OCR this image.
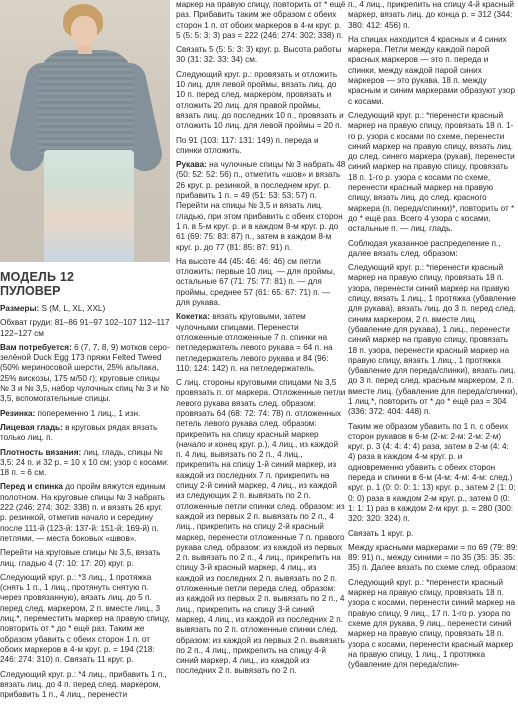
МОДЕЛЬ 12
ПУЛОВЕР

Размеры: S (M, L, XL, XXL)

Обхват груди: 81–86 91–97 102–107 112–117 122–127 см

Вам потребуется: 6 (7, 7, 8, 9) мотков серо-зелёной Duck Egg 173 пряжи Felted Tweed (50% мериносовой шерсти, 25% альпака, 25% вискозы, 175 м/50 г); круговые спицы № 3 и № 3,5, набор чулочных спиц № 3 и № 3,5, вспомогательные спицы.

Резинка: попеременно 1 лиц., 1 изн.

Лицевая гладь: в круговых рядах вязать только лиц. п.

Плотность вязания: лиц. гладь, спицы № 3,5: 24 п. и 32 р. = 10 х 10 см; узор с косами: 18 п. = 6 см.

Перед и спинка до пройм вяжутся единым полотном. На круговые спицы № 3 набрать 222 (246: 274: 302: 338) п. и вязать 26 круг. р. резинкой, отметив начало и середину после 111-й (123-й: 137-й: 151-й: 169-й) п. петлями, — места боковых «швов».

Перейти на круговые спицы № 3,5, вязать лиц. гладью 4 (7: 10: 17: 20) круг. р.

Следующий круг. р.: *3 лиц., 1 протяжка (снять 1 п., 1 лиц., протянуть снятую п. через провязанную), вязать лиц. до 5 п. перед след. маркером, 2 п. вместе лиц., 3 лиц.*, переместить маркер на правую спицу, повторить от * до * ещё раз. Таким же образом убавить с обеих сторон 1 п. от обоих маркеров в 4-м круг. р. = 194 (218: 246: 274: 310) п. Связать 11 круг. р.

Следующий круг. р.: *4 лиц., прибавить 1 п., вязать лиц. до 4 п. перед след. маркером, прибавить 1 п., 4 лиц., перенести

маркер на правую спицу, повторить от * ещё раз. Прибавить таким же образом с обеих сторон 1 п. от обоих маркеров в 4-м круг. р. 5 (5: 5: 3: 3) раз = 222 (246: 274: 302: 338) п.

Связать 5 (5: 5: 3: 3) круг. р. Высота работы 30 (31: 32: 33: 34) см.

Следующий круг. р.: провязать и отложить 10 лиц. для левой проймы, вязать лиц. до 10 п. перед след. маркером, провязать и отложить 20 лиц. для правой проймы, вязать лиц. до последних 10 п., провязать и отложить 10 лиц. для левой проймы = 20 п.

По 91 (103: 117: 131: 149) п. переда и спинки отложить.

Рукава: на чулочные спицы № 3 набрать 48 (50: 52: 52: 56) п., отметить «шов» и вязать 26 круг. р. резинкой, в последнем круг. р. прибавить 1 п. = 49 (51: 53: 53: 57) п. Перейти на спицы № 3,5 и вязать лиц. гладью, при этом прибавить с обеих сторон 1 п. в 5-м круг. р. и в каждом 8-м круг. р. до 61 (69: 75: 83: 87) п., затем в каждом 8-м круг. р. до 77 (81: 85: 87: 91) п.

На высоте 44 (45: 46: 46: 46) см петли отложить: первые 10 лиц. — для проймы, остальные 67 (71: 75: 77: 81) п. — для проймы, среднее 57 (61: 65: 67: 71) п. — для рукава.

Кокетка: вязать круговыми, затем чулочными спицами. Перенести отложенные отложенные 7 п. спинки на петледержатель левого рукава = 64 п. на петледержатель левого рукава и 84 (96: 110: 124: 142) п. на петледержатель.

С лиц. стороны круговыми спицами № 3,5 провязать п. от маркера. Отложенные петли левого рукава вязать след. образом: провязать 64 (68: 72: 74: 78) п. отложенных петель левого рукава след. образом: прикрепить на спицу красный маркер (начало и конец круг. р.), 4 лиц., из каждой п. 4 лиц. вывязать по 2 п., 4 лиц., прикрепить на спицу 1-й синий маркер, из каждой из последних 7 п. прикрепить на спицу 2-й синий маркер, 4 лиц., из каждой из следующих 2 п. вывязать по 2 п. отложенные петли спинки след. образом: из каждой из первых 2 п. вывязать по 2 п., 4 лиц., прикрепить на спицу 2-й красный маркер, перенести отложенные 7 п. правого рукава след. образом: из каждой из первых 2 п. вывязать по 2 п., 4 лиц., прикрепить на спицу 3-й красный маркер, 4 лиц., из каждой из последних 2 п. вывязать по 2 п. отложенные петли переда след. образом: из каждой из первых 2 п. вывязать по 2 п., 4 лиц., прикрепить на спицу 3-й синий маркер, 4 лиц., из каждой из последних 2 п. вывязать по 2 п. отложенные спинки след. образом: из каждой из первых 2 п. вывязать по 2 п., 4 лиц., прикрепить на спицу 4-й синий маркер, 4 лиц., из каждой из последних 2 п. вывязать по 2 п.

п., 4 лиц., прикрепить на спицу 4-й красный маркер, вязать лиц. до конца р. = 312 (344: 380: 412: 456) п.

На спицах находится 4 красных и 4 синих маркера. Петли между каждой парой красных маркеров — это п. переда и спинки, между каждой парой синих маркеров — это рукава. 18 п. между красным и синим маркерами образуют узор с косами.

Следующий круг. р.: *перенести красный маркер на правую спицу, провязать 18 п. 1-го р. узора с косами по схеме, перенести синий маркер на правую спицу, вязать лиц. до след. синего маркера (рукав), перенести синий маркер на правую спицу, провязать 18 п. 1-го р. узора с косами по схеме, перенести красный маркер на правую спицу, вязать лиц. до след. красного маркера (п. переда/спинки)*, повторить от * до * ещё раз. Всего 4 узора с косами, остальные п. — лиц. гладь.

Соблюдая указанное распределение п., далее вязать след. образом:

Следующий круг. р.: *перенести красный маркер на правую спицу, провязать 18 п. узора, перенести синий маркер на правую спицу, вязать 1 лиц., 1 протяжка (убавление для рукава), вязать лиц. до 3 п. перед след. синим маркером, 2 п. вместе лиц. (убавление для рукава), 1 лиц., перенести синий маркер на правую спицу, провязать 18 п. узора, перенести красный маркер на правую спицу, вязать 1 лиц., 1 протяжка (убавление для переда/спинки), вязать лиц. до 3 п. перед след. красным маркером, 2 п. вместе лиц. (убавление для переда/спинки), 1 лиц.*, повторить от * до * ещё раз = 304 (336: 372: 404: 448) п.

Таким же образом убавить по 1 п. с обеих сторон рукавов в 6-м (2-м: 2-м: 2-м: 2-м) круг. р. 3 (4: 4: 4: 4) раза, затем в 2-м (4: 4: 4) раза в каждом 4-м круг. р. и одновременно убавить с обеих сторон переда и спинки в 6-м (4-м: 4-м: 4-м: след.) круг. р. 1 (0: 0: 0: 1: 13) круг. р., затем 2 (1: 0: 0: 0) раза в каждом 2-м круг. р., затем 0 (0: 1: 1: 1) раз в каждом 2-м круг. р. = 280 (300: 320: 320: 324) п.

Связать 1 круг. р.

Между красными маркерами = по 69 (79: 89: 89: 91) п., между синими = по 35 (35: 35: 35: 35) п. Далее вязать по схеме след. образом:

Следующий круг. р.: *перенести красный маркер на правую спицу, провязать 18 п. узора с косами, перенести синий маркер на правую спицу, 9 лиц., 17 п. 1-го р. узора по схеме для рукава, 9 лиц., перенести синий маркер на правую спицу, провязать 18 п. узора с косами, перенести красный маркер на правую спицу, 1 лиц., 1 протяжка (убавление для переда/спин-
